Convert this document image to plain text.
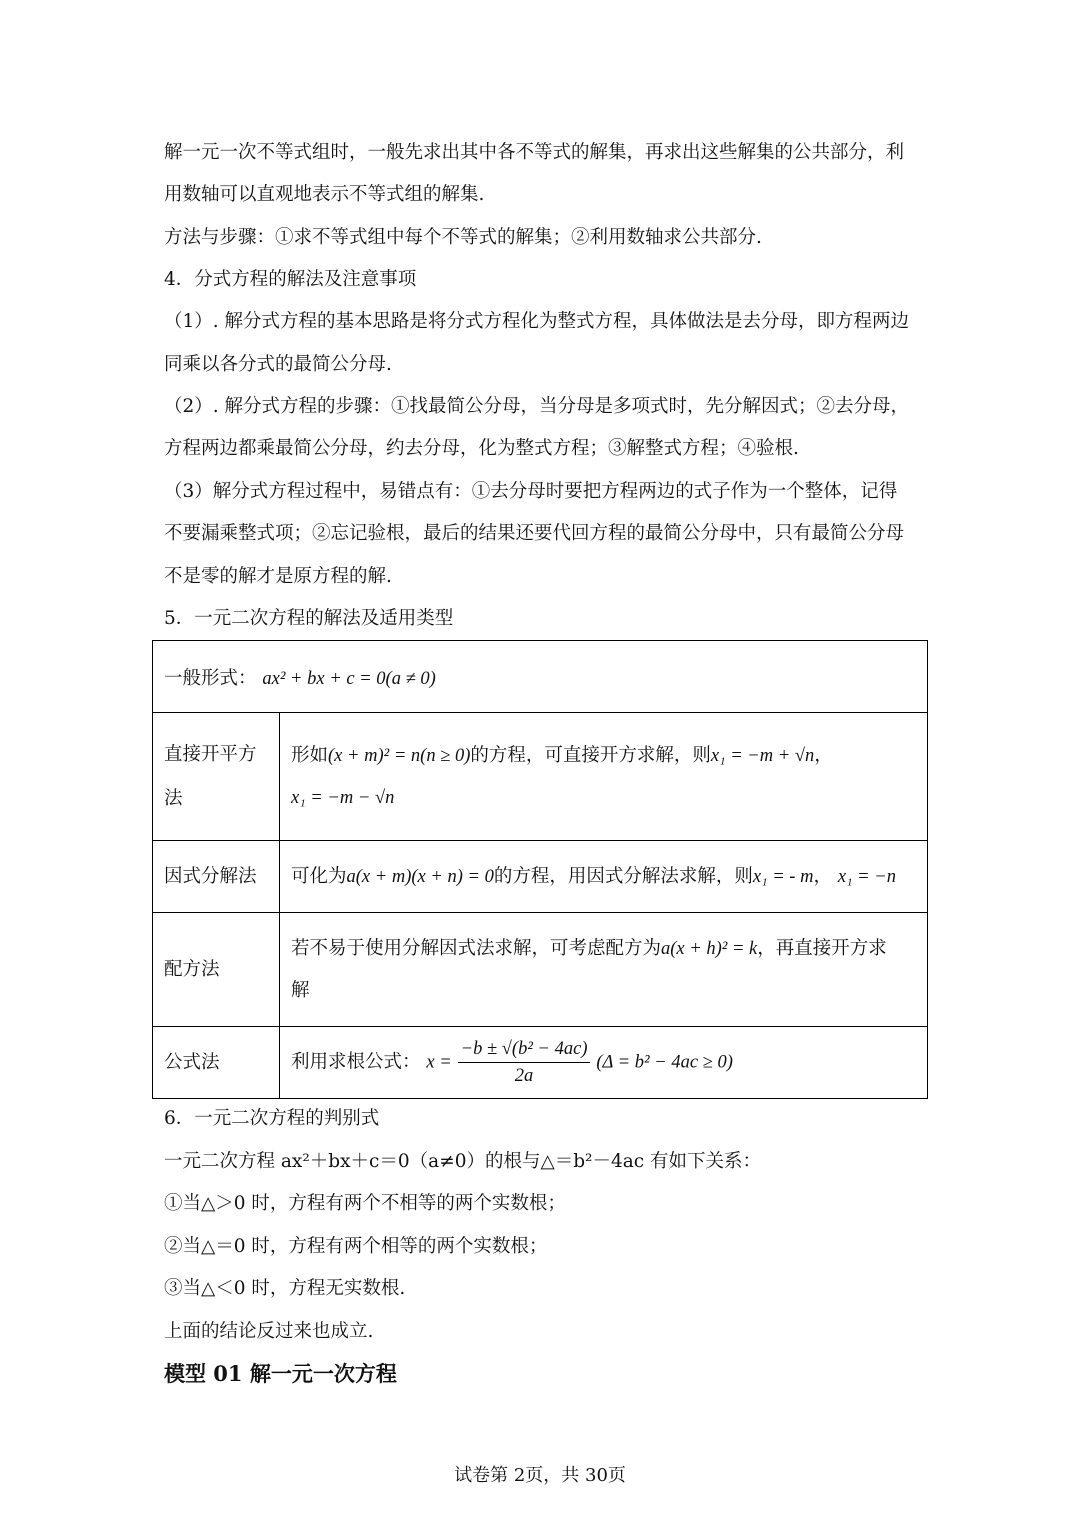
解一元一次不等式组时，一般先求出其中各不等式的解集，再求出这些解集的公共部分，利
用数轴可以直观地表示不等式组的解集.
方法与步骤：①求不等式组中每个不等式的解集；②利用数轴求公共部分.
4．分式方程的解法及注意事项
（1）. 解分式方程的基本思路是将分式方程化为整式方程，具体做法是去分母，即方程两边
同乘以各分式的最简公分母.
（2）. 解分式方程的步骤：①找最简公分母，当分母是多项式时，先分解因式；②去分母，
方程两边都乘最简公分母，约去分母，化为整式方程；③解整式方程；④验根.
（3）解分式方程过程中，易错点有：①去分母时要把方程两边的式子作为一个整体，记得
不要漏乘整式项；②忘记验根，最后的结果还要代回方程的最简公分母中，只有最简公分母
不是零的解才是原方程的解.
5．一元二次方程的解法及适用类型
一般形式： ax² + bx + c = 0(a ≠ 0)	
直接开平方法	形如(x + m)² = n(n ≥ 0)的方程，可直接开方求解，则x₁ = −m + √n，
x₁ = −m − √n
因式分解法	可化为a(x + m)(x + n) = 0的方程，用因式分解法求解，则x₁ = - m， x₁ = −n
配方法	若不易于使用分解因式法求解，可考虑配方为a(x + h)² = k，再直接开方求
解
公式法	利用求根公式： $x = \frac{\text{−b ± √(b² − 4ac)}}{2a} (\Delta = b^2 - 4ac \ge 0)$
6．一元二次方程的判别式
一元二次方程 ax²＋bx＋c＝0（a≠0）的根与△＝b²－4ac 有如下关系：
①当△＞0 时，方程有两个不相等的两个实数根；
②当△＝0 时，方程有两个相等的两个实数根；
③当△＜0 时，方程无实数根.
上面的结论反过来也成立.
模型 01 解一元一次方程
试卷第 2页，共 30页
